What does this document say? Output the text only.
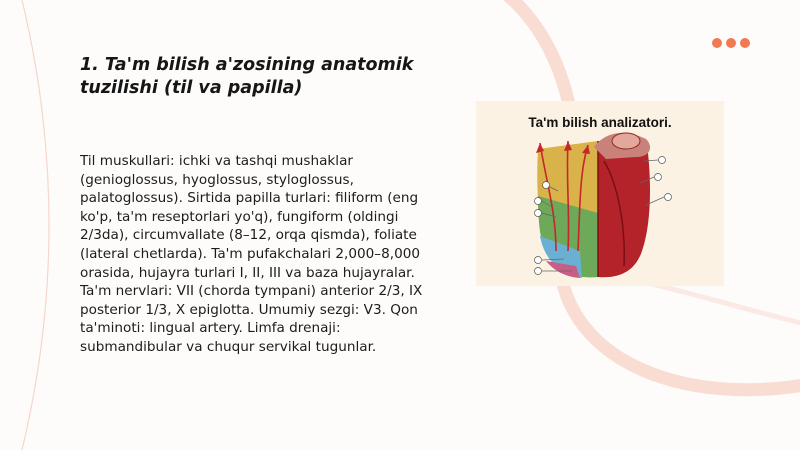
1. Ta'm bilish a'zosining anatomik tuzilishi (til va papilla)

Til muskullari: ichki va tashqi mushaklar (genioglossus, hyoglossus, styloglossus, palatoglossus). Sirtida papilla turlari: filiform (eng ko'p, ta'm reseptorlari yo'q), fungiform (oldingi 2/3da), circumvallate (8–12, orqa qismda), foliate (lateral chetlarda). Ta'm pufakchalari 2,000–8,000 orasida, hujayra turlari I, II, III va baza hujayralar. Ta'm nervlari: VII (chorda tympani) anterior 2/3, IX posterior 1/3, X epiglotta. Umumiy sezgi: V3. Qon ta'minoti: lingual artery. Limfa drenaji: submandibular va chuqur servikal tugunlar.

Ta'm bilish analizatori.
